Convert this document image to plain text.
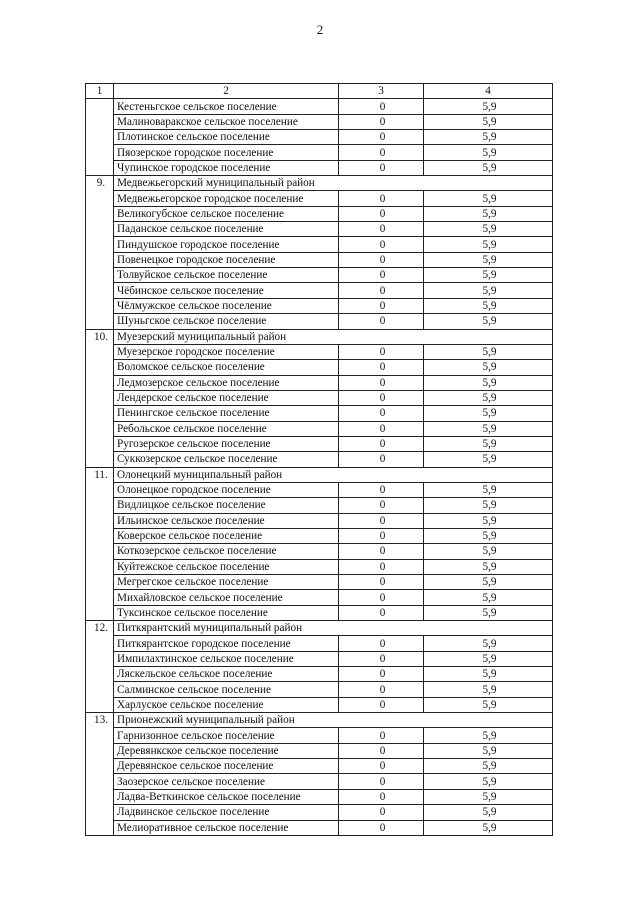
2
1	2	3	4
	Кестеньгское сельское поселение	0	5,9
	Малиноваракское сельское поселение	0	5,9
	Плотинское сельское поселение	0	5,9
	Пяозерское городское поселение	0	5,9
	Чупинское городское поселение	0	5,9
9.	Медвежьегорский муниципальный район		
	Медвежьегорское городское поселение	0	5,9
	Великогубское сельское поселение	0	5,9
	Паданское сельское поселение	0	5,9
	Пиндушское городское поселение	0	5,9
	Повенецкое городское поселение	0	5,9
	Толвуйское сельское поселение	0	5,9
	Чёбинское сельское поселение	0	5,9
	Чёлмужское сельское поселение	0	5,9
	Шуньгское сельское поселение	0	5,9
10.	Муезерский муниципальный район		
	Муезерское городское поселение	0	5,9
	Воломское сельское поселение	0	5,9
	Ледмозерское сельское поселение	0	5,9
	Лендерское сельское поселение	0	5,9
	Пенингское сельское поселение	0	5,9
	Ребольское сельское поселение	0	5,9
	Ругозерское сельское поселение	0	5,9
	Суккозерское сельское поселение	0	5,9
11.	Олонецкий муниципальный район		
	Олонецкое городское поселение	0	5,9
	Видлицкое сельское поселение	0	5,9
	Ильинское сельское поселение	0	5,9
	Коверское сельское поселение	0	5,9
	Коткозерское сельское поселение	0	5,9
	Куйтежское сельское поселение	0	5,9
	Мегрегское сельское поселение	0	5,9
	Михайловское сельское поселение	0	5,9
	Туксинское сельское поселение	0	5,9
12.	Питкярантский муниципальный район		
	Питкярантское городское поселение	0	5,9
	Импилахтинское сельское поселение	0	5,9
	Ляскельское сельское поселение	0	5,9
	Салминское сельское поселение	0	5,9
	Харлуское сельское поселение	0	5,9
13.	Прионежский муниципальный район		
	Гарнизонное сельское поселение	0	5,9
	Деревянкское сельское поселение	0	5,9
	Деревянское сельское поселение	0	5,9
	Заозерское сельское поселение	0	5,9
	Ладва-Веткинское сельское поселение	0	5,9
	Ладвинское сельское поселение	0	5,9
	Мелиоративное сельское поселение	0	5,9
